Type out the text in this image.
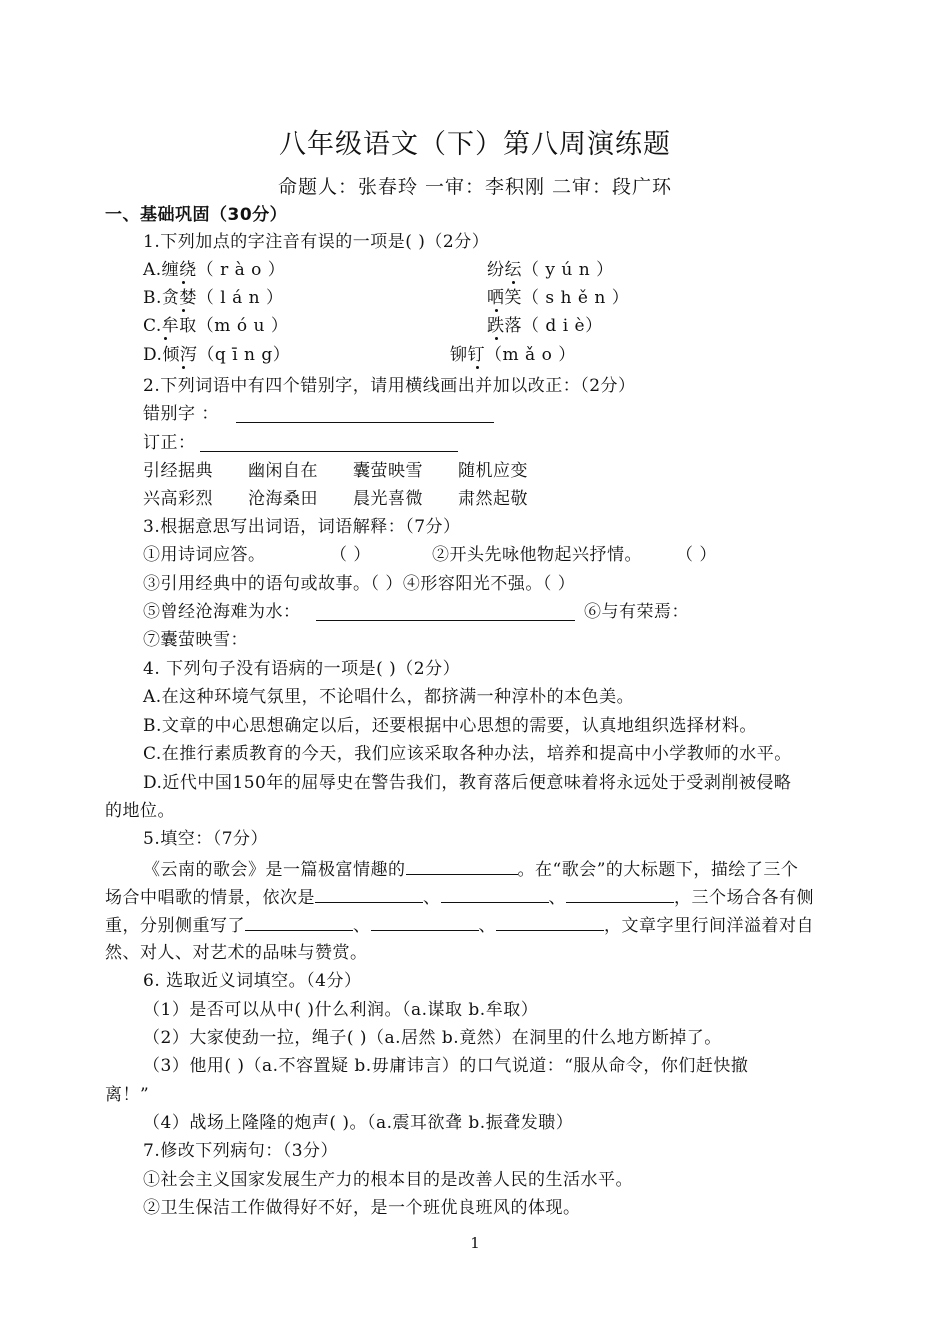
八年级语文（下）第八周演练题
命题人：张春玲 一审：李积刚 二审：段广环
一、基础巩固（30分）
1.下列加点的字注音有误的一项是( )（2分）
A.缠绕（ r à o ）	纷纭（ y ú n ）
B.贪婪（ l á n ）	哂笑（ s h ě n ）
C.牟取（m ó u ）	跌落（ d i è）
D.倾泻（q ī n g）	铆钉（m ǎ o ）
2.下列词语中有四个错别字，请用横线画出并加以改正：（2分）
错别字 ：
订正：
引经据典 幽闲自在 囊萤映雪 随机应变
兴高彩烈 沧海桑田 晨光喜微 肃然起敬
3.根据意思写出词语，词语解释：（7分）
①用诗词应答。	（ ）	②开头先咏他物起兴抒情。 （ ）
③引用经典中的语句或故事。（ ）④形容阳光不强。（ ）
⑤曾经沧海难为水：	⑥与有荣焉：
⑦囊萤映雪：
4. 下列句子没有语病的一项是( )（2分）
A.在这种环境气氛里，不论唱什么，都挤满一种淳朴的本色美。
B.文章的中心思想确定以后，还要根据中心思想的需要，认真地组织选择材料。
C.在推行素质教育的今天，我们应该采取各种办法，培养和提高中小学教师的水平。
D.近代中国150年的屈辱史在警告我们，教育落后便意味着将永远处于受剥削被侵略
的地位。
5.填空：（7分）
《云南的歌会》是一篇极富情趣的	。在“歌会”的大标题下，描绘了三个
场合中唱歌的情景，依次是	、	、	，三个场合各有侧
重，分别侧重写了	、	、	，文章字里行间洋溢着对自
然、对人、对艺术的品味与赞赏。
6. 选取近义词填空。（4分）
（1）是否可以从中( )什么利润。（a.谋取 b.牟取）
（2）大家使劲一拉，绳子( )（a.居然 b.竟然）在洞里的什么地方断掉了。
（3）他用( )（a.不容置疑 b.毋庸讳言）的口气说道：“服从命令，你们赶快撤
离！”
（4）战场上隆隆的炮声( )。（a.震耳欲聋 b.振聋发聩）
7.修改下列病句：（3分）
①社会主义国家发展生产力的根本目的是改善人民的生活水平。
②卫生保洁工作做得好不好，是一个班优良班风的体现。
1
